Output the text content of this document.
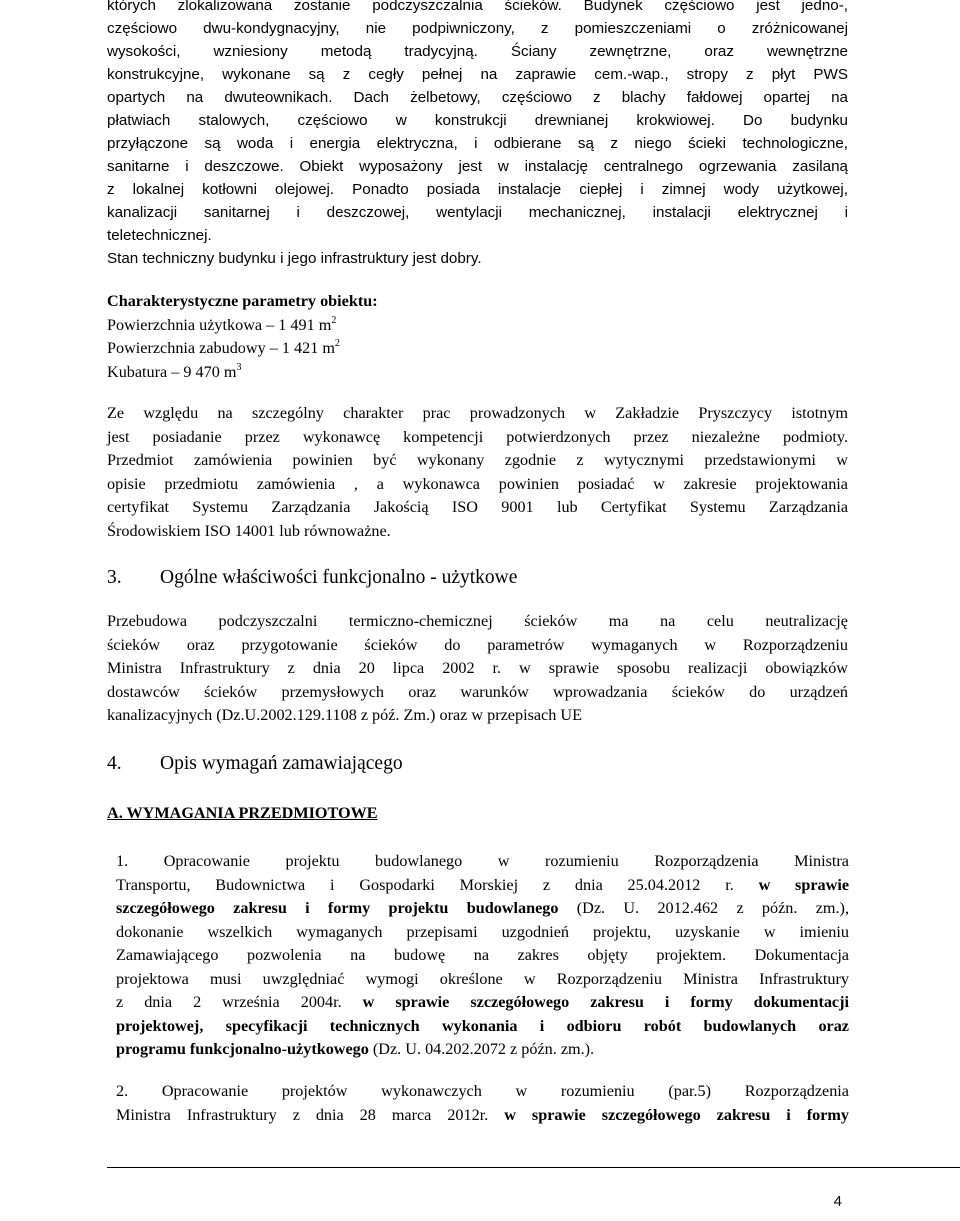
których zlokalizowana zostanie podczyszczalnia ścieków. Budynek częściowo jest jedno-,
częściowo dwu-kondygnacyjny, nie podpiwniczony, z pomieszczeniami o zróżnicowanej
wysokości, wzniesiony metodą tradycyjną. Ściany zewnętrzne, oraz wewnętrzne
konstrukcyjne, wykonane są z cegły pełnej na zaprawie cem.-wap., stropy z płyt PWS
opartych na dwuteownikach. Dach żelbetowy, częściowo z blachy fałdowej opartej na
płatwiach stalowych, częściowo w konstrukcji drewnianej krokwiowej. Do budynku
przyłączone są woda i energia elektryczna, i odbierane są z niego ścieki technologiczne,
sanitarne i deszczowe. Obiekt wyposażony jest w instalację centralnego ogrzewania zasilaną
z lokalnej kotłowni olejowej. Ponadto posiada instalacje ciepłej i zimnej wody użytkowej,
kanalizacji sanitarnej i deszczowej, wentylacji mechanicznej, instalacji elektrycznej i
teletechnicznej.
Stan techniczny budynku i jego infrastruktury jest dobry.
Charakterystyczne parametry obiektu:
Powierzchnia użytkowa – 1 491 $m^2$
Powierzchnia zabudowy – 1 421 $m^2$
Kubatura – 9 470 $m^3$
Ze względu na szczególny charakter prac prowadzonych w Zakładzie Pryszczycy istotnym
jest posiadanie przez wykonawcę kompetencji potwierdzonych przez niezależne podmioty.
Przedmiot zamówienia powinien być wykonany zgodnie z wytycznymi przedstawionymi w
opisie przedmiotu zamówienia , a wykonawca powinien posiadać w zakresie projektowania
certyfikat Systemu Zarządzania Jakością ISO 9001 lub Certyfikat Systemu Zarządzania
Środowiskiem ISO 14001 lub równoważne.
3. Ogólne właściwości funkcjonalno - użytkowe
Przebudowa podczyszczalni termiczno-chemicznej ścieków ma na celu neutralizację
ścieków oraz przygotowanie ścieków do parametrów wymaganych w Rozporządzeniu
Ministra Infrastruktury z dnia 20 lipca 2002 r. w sprawie sposobu realizacji obowiązków
dostawców ścieków przemysłowych oraz warunków wprowadzania ścieków do urządzeń
kanalizacyjnych (Dz.U.2002.129.1108 z póź. Zm.) oraz w przepisach UE
4. Opis wymagań zamawiającego
A. WYMAGANIA PRZEDMIOTOWE
1. Opracowanie projektu budowlanego w rozumieniu Rozporządzenia Ministra
Transportu, Budownictwa i Gospodarki Morskiej z dnia 25.04.2012 r. w sprawie
szczegółowego zakresu i formy projektu budowlanego (Dz. U. 2012.462 z późn. zm.),
dokonanie wszelkich wymaganych przepisami uzgodnień projektu, uzyskanie w imieniu
Zamawiającego pozwolenia na budowę na zakres objęty projektem. Dokumentacja
projektowa musi uwzględniać wymogi określone w Rozporządzeniu Ministra Infrastruktury
z dnia 2 września 2004r. w sprawie szczegółowego zakresu i formy dokumentacji
projektowej, specyfikacji technicznych wykonania i odbioru robót budowlanych oraz
programu funkcjonalno-użytkowego (Dz. U. 04.202.2072 z późn. zm.).
2. Opracowanie projektów wykonawczych w rozumieniu (par.5) Rozporządzenia
Ministra Infrastruktury z dnia 28 marca 2012r. w sprawie szczegółowego zakresu i formy
4
